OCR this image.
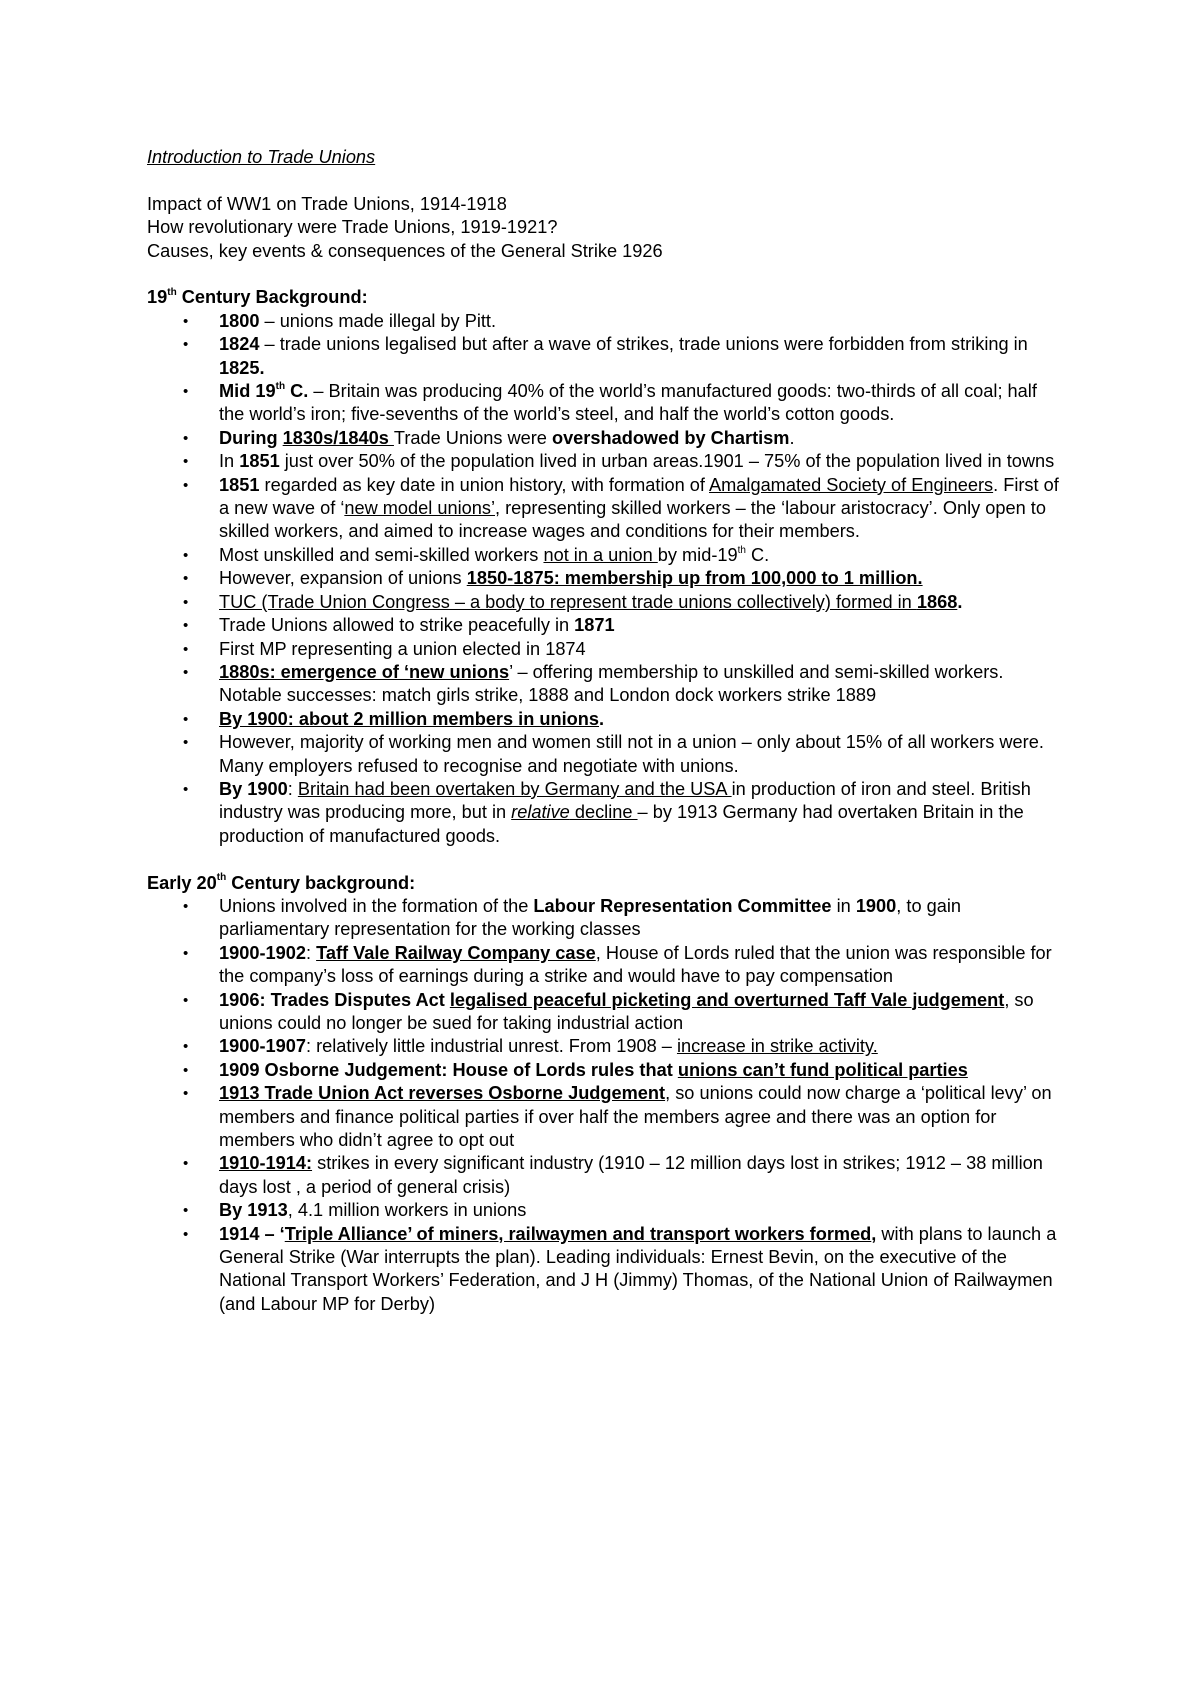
Introduction to Trade Unions

Impact of WW1 on Trade Unions, 1914-1918

How revolutionary were Trade Unions, 1919-1921?

Causes, key events & consequences of the General Strike 1926

19th Century Background:

• 1800 – unions made illegal by Pitt.
• 1824 – trade unions legalised but after a wave of strikes, trade unions were forbidden from striking in 1825.
• Mid 19th C. – Britain was producing 40% of the world’s manufactured goods: two-thirds of all coal; half the world’s iron; five-sevenths of the world’s steel, and half the world’s cotton goods.
• During 1830s/1840s Trade Unions were overshadowed by Chartism.
• In 1851 just over 50% of the population lived in urban areas.1901 – 75% of the population lived in towns
• 1851 regarded as key date in union history, with formation of Amalgamated Society of Engineers. First of a new wave of ‘new model unions’, representing skilled workers – the ‘labour aristocracy’. Only open to skilled workers, and aimed to increase wages and conditions for their members.
• Most unskilled and semi-skilled workers not in a union by mid-19th C.
• However, expansion of unions 1850-1875: membership up from 100,000 to 1 million.
• TUC (Trade Union Congress – a body to represent trade unions collectively) formed in 1868.
• Trade Unions allowed to strike peacefully in 1871
• First MP representing a union elected in 1874
• 1880s: emergence of ‘new unions’ – offering membership to unskilled and semi-skilled workers. Notable successes: match girls strike, 1888 and London dock workers strike 1889
• By 1900: about 2 million members in unions.
• However, majority of working men and women still not in a union – only about 15% of all workers were. Many employers refused to recognise and negotiate with unions.
• By 1900: Britain had been overtaken by Germany and the USA in production of iron and steel. British industry was producing more, but in relative decline – by 1913 Germany had overtaken Britain in the production of manufactured goods.

Early 20th Century background:

• Unions involved in the formation of the Labour Representation Committee in 1900, to gain parliamentary representation for the working classes
• 1900-1902: Taff Vale Railway Company case, House of Lords ruled that the union was responsible for the company’s loss of earnings during a strike and would have to pay compensation
• 1906: Trades Disputes Act legalised peaceful picketing and overturned Taff Vale judgement, so unions could no longer be sued for taking industrial action
• 1900-1907: relatively little industrial unrest. From 1908 – increase in strike activity.
• 1909 Osborne Judgement: House of Lords rules that unions can’t fund political parties
• 1913 Trade Union Act reverses Osborne Judgement, so unions could now charge a ‘political levy’ on members and finance political parties if over half the members agree and there was an option for members who didn’t agree to opt out
• 1910-1914: strikes in every significant industry (1910 – 12 million days lost in strikes; 1912 – 38 million days lost , a period of general crisis)
• By 1913, 4.1 million workers in unions
• 1914 – ‘Triple Alliance’ of miners, railwaymen and transport workers formed, with plans to launch a General Strike (War interrupts the plan). Leading individuals: Ernest Bevin, on the executive of the National Transport Workers’ Federation, and J H (Jimmy) Thomas, of the National Union of Railwaymen (and Labour MP for Derby)
